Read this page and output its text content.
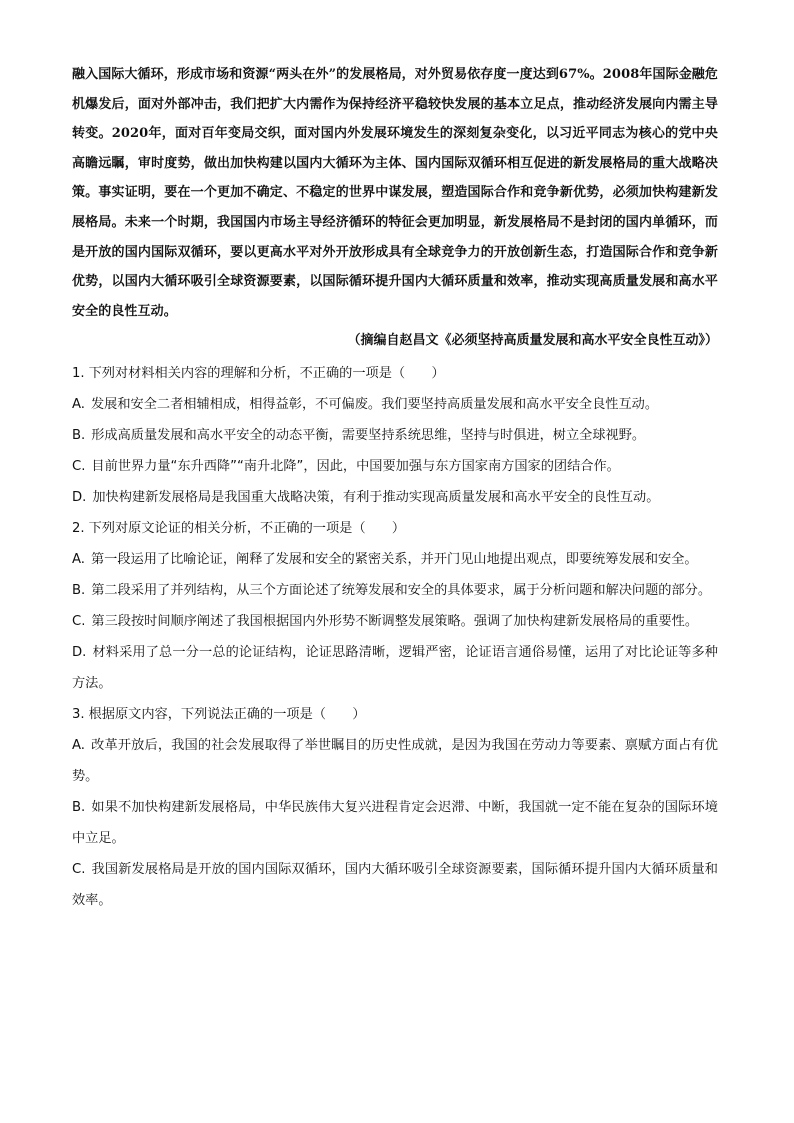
融入国际大循环，形成市场和资源“两头在外”的发展格局，对外贸易依存度一度达到67%。2008年国际金融危机爆发后，面对外部冲击，我们把扩大内需作为保持经济平稳较快发展的基本立足点，推动经济发展向内需主导转变。2020年，面对百年变局交织，面对国内外发展环境发生的深刻复杂变化，以习近平同志为核心的党中央高瞻远瞩，审时度势，做出加快构建以国内大循环为主体、国内国际双循环相互促进的新发展格局的重大战略决策。事实证明，要在一个更加不确定、不稳定的世界中谋发展，塑造国际合作和竞争新优势，必须加快构建新发展格局。未来一个时期，我国国内市场主导经济循环的特征会更加明显，新发展格局不是封闭的国内单循环，而是开放的国内国际双循环，要以更高水平对外开放形成具有全球竞争力的开放创新生态，打造国际合作和竞争新优势，以国内大循环吸引全球资源要素，以国际循环提升国内大循环质量和效率，推动实现高质量发展和高水平安全的良性互动。

（摘编自赵昌文《必须坚持高质量发展和高水平安全良性互动》）

1. 下列对材料相关内容的理解和分析，不正确的一项是（　　）

A. 发展和安全二者相辅相成，相得益彰，不可偏废。我们要坚持高质量发展和高水平安全良性互动。

B. 形成高质量发展和高水平安全的动态平衡，需要坚持系统思维，坚持与时俱进，树立全球视野。

C. 目前世界力量“东升西降”“南升北降”，因此，中国要加强与东方国家南方国家的团结合作。

D. 加快构建新发展格局是我国重大战略决策，有利于推动实现高质量发展和高水平安全的良性互动。

2. 下列对原文论证的相关分析，不正确的一项是（　　）

A. 第一段运用了比喻论证，阐释了发展和安全的紧密关系，并开门见山地提出观点，即要统筹发展和安全。

B. 第二段采用了并列结构，从三个方面论述了统筹发展和安全的具体要求，属于分析问题和解决问题的部分。

C. 第三段按时间顺序阐述了我国根据国内外形势不断调整发展策略。强调了加快构建新发展格局的重要性。

D. 材料采用了总一分一总的论证结构，论证思路清晰，逻辑严密，论证语言通俗易懂，运用了对比论证等多种方法。

3. 根据原文内容，下列说法正确的一项是（　　）

A. 改革开放后，我国的社会发展取得了举世瞩目的历史性成就，是因为我国在劳动力等要素、禀赋方面占有优势。

B. 如果不加快构建新发展格局，中华民族伟大复兴进程肯定会迟滞、中断，我国就一定不能在复杂的国际环境中立足。

C. 我国新发展格局是开放的国内国际双循环，国内大循环吸引全球资源要素，国际循环提升国内大循环质量和效率。
